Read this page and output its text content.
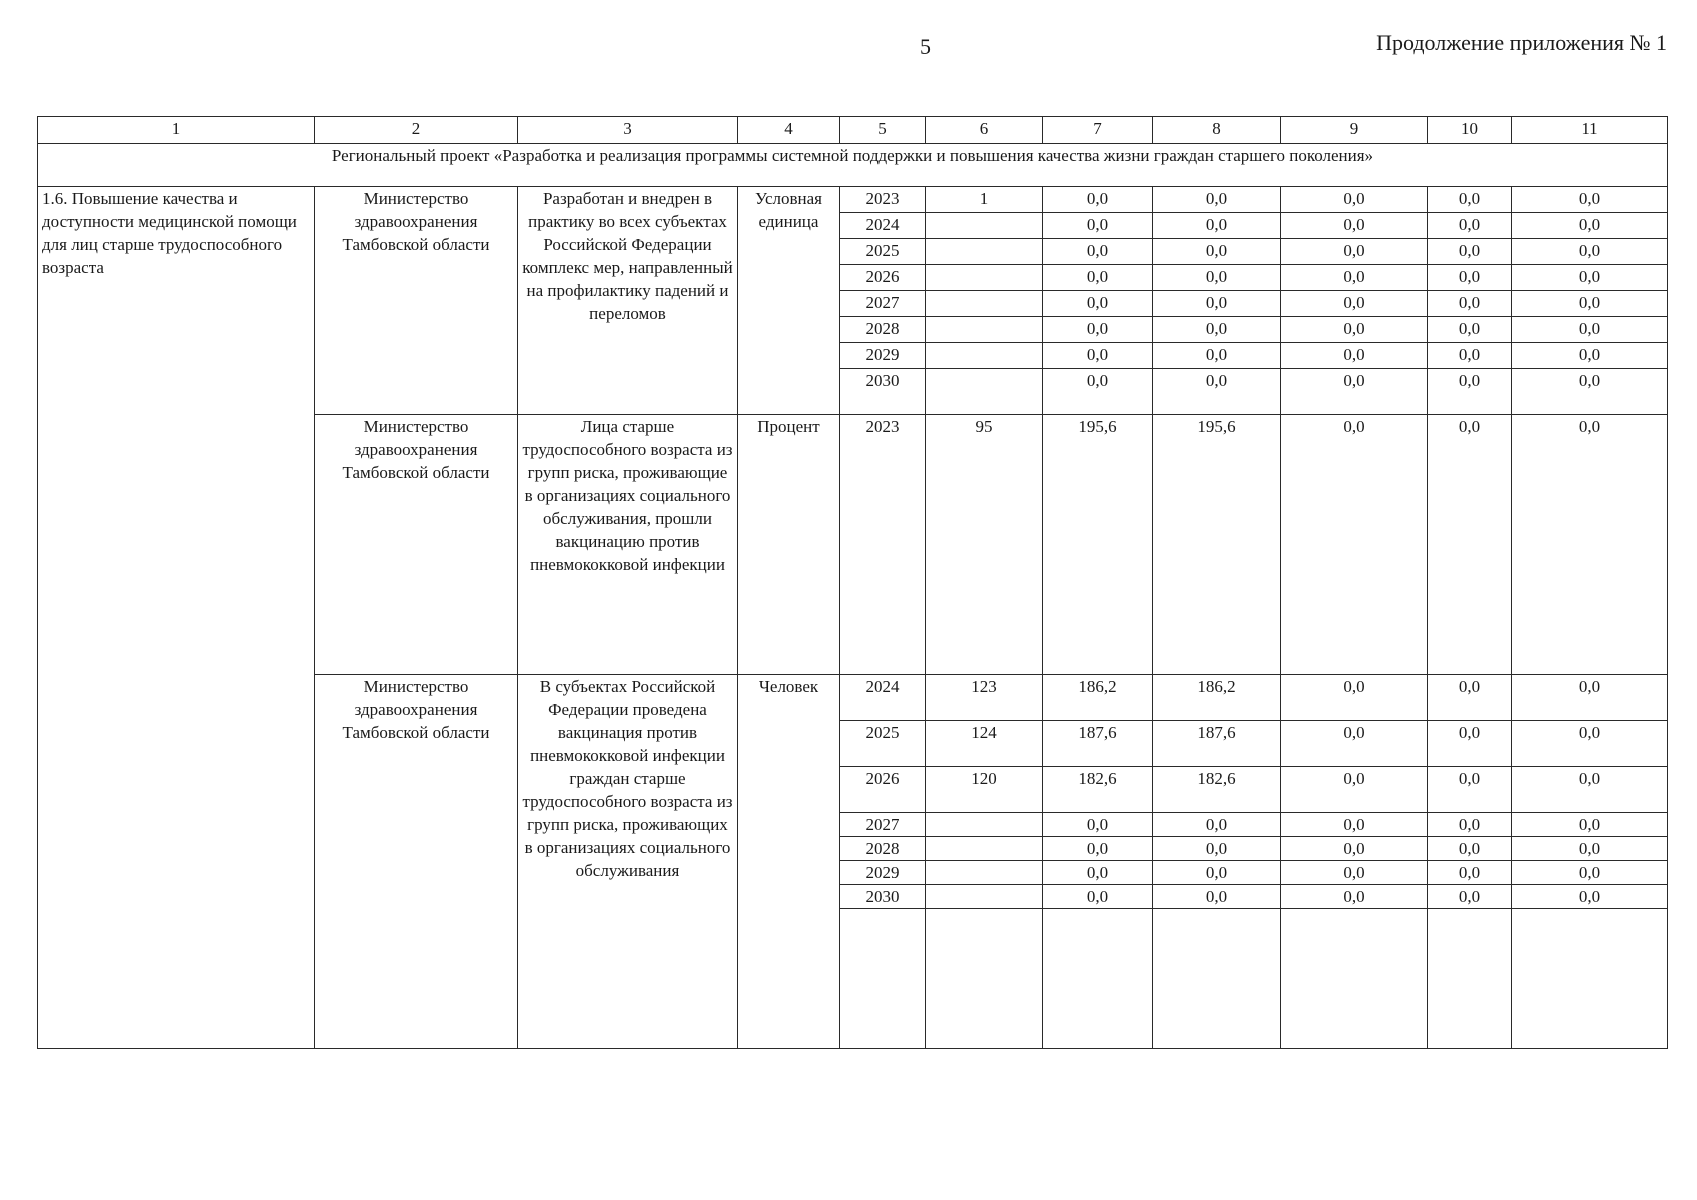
5	Продолжение приложения № 1
1	2	3	4	5	6	7	8	9	10	11
Региональный проект «Разработка и реализация программы системной поддержки и повышения качества жизни граждан старшего поколения»										
1.6. Повышение качества и доступности медицинской помощи для лиц старше трудоспособного возраста	Министерство здравоохранения Тамбовской области	Разработан и внедрен в практику во всех субъектах Российской Федерации комплекс мер, направленный на профилактику падений и переломов	Условная единица	2023	1	0,0	0,0	0,0	0,0	0,0
				2024		0,0	0,0	0,0	0,0	0,0
				2025		0,0	0,0	0,0	0,0	0,0
				2026		0,0	0,0	0,0	0,0	0,0
				2027		0,0	0,0	0,0	0,0	0,0
				2028		0,0	0,0	0,0	0,0	0,0
				2029		0,0	0,0	0,0	0,0	0,0
				2030		0,0	0,0	0,0	0,0	0,0
	Министерство здравоохранения Тамбовской области	Лица старше трудоспособного возраста из групп риска, проживающие в организациях социального обслуживания, прошли вакцинацию против пневмококковой инфекции	Процент	2023	95	195,6	195,6	0,0	0,0	0,0
	Министерство здравоохранения Тамбовской области	В субъектах Российской Федерации проведена вакцинация против пневмококковой инфекции граждан старше трудоспособного возраста из групп риска, проживающих в организациях социального обслуживания	Человек	2024	123	186,2	186,2	0,0	0,0	0,0
				2025	124	187,6	187,6	0,0	0,0	0,0
				2026	120	182,6	182,6	0,0	0,0	0,0
				2027		0,0	0,0	0,0	0,0	0,0
				2028		0,0	0,0	0,0	0,0	0,0
				2029		0,0	0,0	0,0	0,0	0,0
				2030		0,0	0,0	0,0	0,0	0,0
